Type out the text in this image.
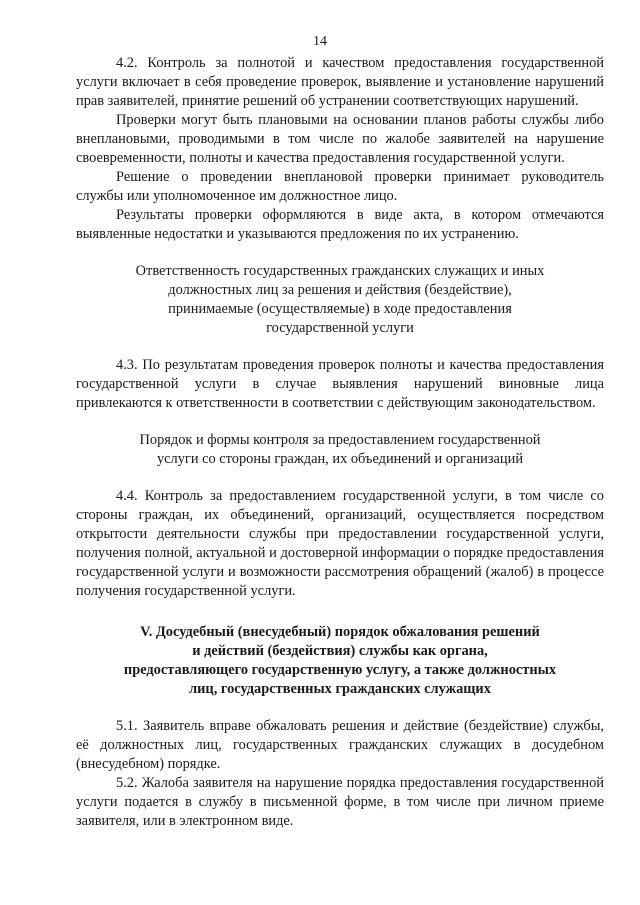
14

4.2. Контроль за полнотой и качеством предоставления государственной услуги включает в себя проведение проверок, выявление и установление нарушений прав заявителей, принятие решений об устранении соответствующих нарушений.

Проверки могут быть плановыми на основании планов работы службы либо внеплановыми, проводимыми в том числе по жалобе заявителей на нарушение своевременности, полноты и качества предоставления государственной услуги.

Решение о проведении внеплановой проверки принимает руководитель службы или уполномоченное им должностное лицо.

Результаты проверки оформляются в виде акта, в котором отмечаются выявленные недостатки и указываются предложения по их устранению.

Ответственность государственных гражданских служащих и иных
должностных лиц за решения и действия (бездействие),
принимаемые (осуществляемые) в ходе предоставления
государственной услуги

4.3. По результатам проведения проверок полноты и качества предоставления государственной услуги в случае выявления нарушений виновные лица привлекаются к ответственности в соответствии с действующим законодательством.

Порядок и формы контроля за предоставлением государственной
услуги со стороны граждан, их объединений и организаций

4.4. Контроль за предоставлением государственной услуги, в том числе со стороны граждан, их объединений, организаций, осуществляется посредством открытости деятельности службы при предоставлении государственной услуги, получения полной, актуальной и достоверной информации о порядке предоставления государственной услуги и возможности рассмотрения обращений (жалоб) в процессе получения государственной услуги.

V. Досудебный (внесудебный) порядок обжалования решений
и действий (бездействия) службы как органа,
предоставляющего государственную услугу, а также должностных
лиц, государственных гражданских служащих

5.1. Заявитель вправе обжаловать решения и действие (бездействие) службы, её должностных лиц, государственных гражданских служащих в досудебном (внесудебном) порядке.

5.2. Жалоба заявителя на нарушение порядка предоставления государственной услуги подается в службу в письменной форме, в том числе при личном приеме заявителя, или в электронном виде.
